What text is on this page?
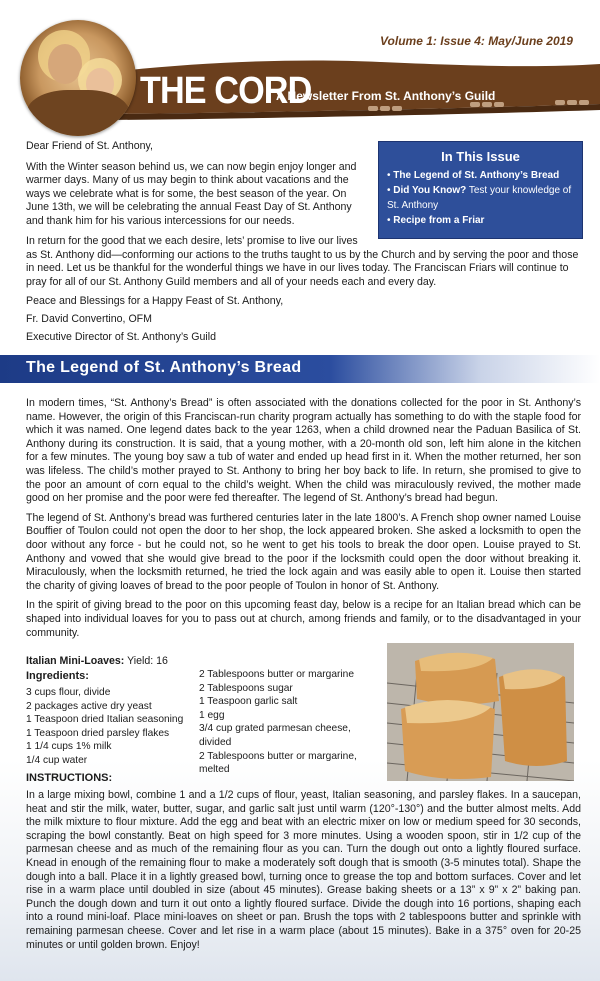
Volume 1: Issue 4: May/June 2019
THE CORD
A Newsletter From St. Anthony’s Guild

Dear Friend of St. Anthony,

With the Winter season behind us, we can now begin enjoy longer and warmer days. Many of us may begin to think about vacations and the ways we celebrate what is for some, the best season of the year. On June 13th, we will be celebrating the annual Feast Day of St. Anthony and thank him for his various intercessions for our needs.

In return for the good that we each desire, lets’ promise to live our lives

as St. Anthony did—conforming our actions to the truths taught to us by the Church and by serving the poor and those in need. Let us be thankful for the wonderful things we have in our lives today. The Franciscan Friars will continue to pray for all of our St. Anthony Guild members and all of your needs each and every day.

Peace and Blessings for a Happy Feast of St. Anthony,

Fr. David Convertino, OFM

Executive Director of St. Anthony’s Guild

In This Issue
• The Legend of St. Anthony’s Bread
• Did You Know? Test your knowledge of St. Anthony
• Recipe from a Friar
The Legend of St. Anthony’s Bread

In modern times, “St. Anthony’s Bread” is often associated with the donations collected for the poor in St. Anthony’s name. However, the origin of this Franciscan-run charity program actually has something to do with the staple food for which it was named. One legend dates back to the year 1263, when a child drowned near the Paduan Basilica of St. Anthony during its construction. It is said, that a young mother, with a 20-month old son, left him alone in the kitchen for a few minutes. The young boy saw a tub of water and ended up head first in it. When the mother returned, her son was lifeless. The child’s mother prayed to St. Anthony to bring her boy back to life. In return, she promised to give to the poor an amount of corn equal to the child’s weight. When the child was miraculously revived, the mother made good on her promise and the poor were fed thereafter. The legend of St. Anthony’s bread had begun.

The legend of St. Anthony’s bread was furthered centuries later in the late 1800’s. A French shop owner named Louise Bouffier of Toulon could not open the door to her shop, the lock appeared broken. She asked a locksmith to open the door without any force - but he could not, so he went to get his tools to break the door open. Louise prayed to St. Anthony and vowed that she would give bread to the poor if the locksmith could open the door without breaking it. Miraculously, when the locksmith returned, he tried the lock again and was easily able to open it. Louise then started the charity of giving loaves of bread to the poor people of Toulon in honor of St. Anthony.

In the spirit of giving bread to the poor on this upcoming feast day, below is a recipe for an Italian bread which can be shaped into individual loaves for you to pass out at church, among friends and family, or to the disadvantaged in your community.

Italian Mini-Loaves: Yield: 16
Ingredients:
3 cups flour, divide
2 packages active dry yeast
1 Teaspoon dried Italian seasoning
1 Teaspoon dried parsley flakes
1 1/4 cups 1% milk
1/4 cup water
2 Tablespoons butter or margarine
2 Tablespoons sugar
1 Teaspoon garlic salt
1 egg
3/4 cup grated parmesan cheese, divided
2 Tablespoons butter or margarine, melted
INSTRUCTIONS:

In a large mixing bowl, combine 1 and a 1/2 cups of flour, yeast, Italian seasoning, and parsley flakes. In a saucepan, heat and stir the milk, water, butter, sugar, and garlic salt just until warm (120°-130°) and the butter almost melts. Add the milk mixture to flour mixture. Add the egg and beat with an electric mixer on low or medium speed for 30 seconds, scraping the bowl constantly. Beat on high speed for 3 more minutes. Using a wooden spoon, stir in 1/2 cup of the parmesan cheese and as much of the remaining flour as you can. Turn the dough out onto a lightly floured surface. Knead in enough of the remaining flour to make a moderately soft dough that is smooth (3-5 minutes total). Shape the dough into a ball. Place it in a lightly greased bowl, turning once to grease the top and bottom surfaces. Cover and let rise in a warm place until doubled in size (about 45 minutes). Grease baking sheets or a 13” x 9” x 2” baking pan. Punch the dough down and turn it out onto a lightly floured surface. Divide the dough into 16 portions, shaping each into a round mini-loaf. Place mini-loaves on sheet or pan. Brush the tops with 2 tablespoons butter and sprinkle with remaining parmesan cheese. Cover and let rise in a warm place (about 15 minutes). Bake in a 375° oven for 20-25 minutes or until golden brown. Enjoy!
